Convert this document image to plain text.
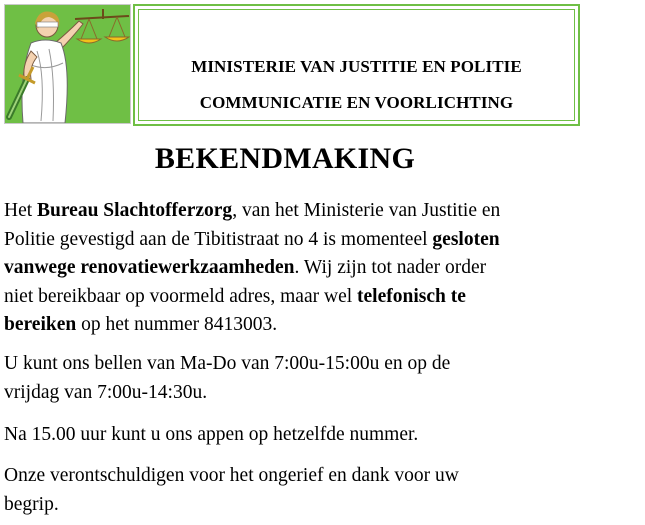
MINISTERIE VAN JUSTITIE EN POLITIE
COMMUNICATIE EN VOORLICHTING
BEKENDMAKING

Het Bureau Slachtofferzorg, van het Ministerie van Justitie en
Politie gevestigd aan de Tibitistraat no 4 is momenteel gesloten
vanwege renovatiewerkzaamheden. Wij zijn tot nader order
niet bereikbaar op voormeld adres, maar wel telefonisch te
bereiken op het nummer 8413003.

U kunt ons bellen van Ma-Do van 7:00u-15:00u en op de
vrijdag van 7:00u-14:30u.

Na 15.00 uur kunt u ons appen op hetzelfde nummer.

Onze verontschuldigen voor het ongerief en dank voor uw
begrip.
